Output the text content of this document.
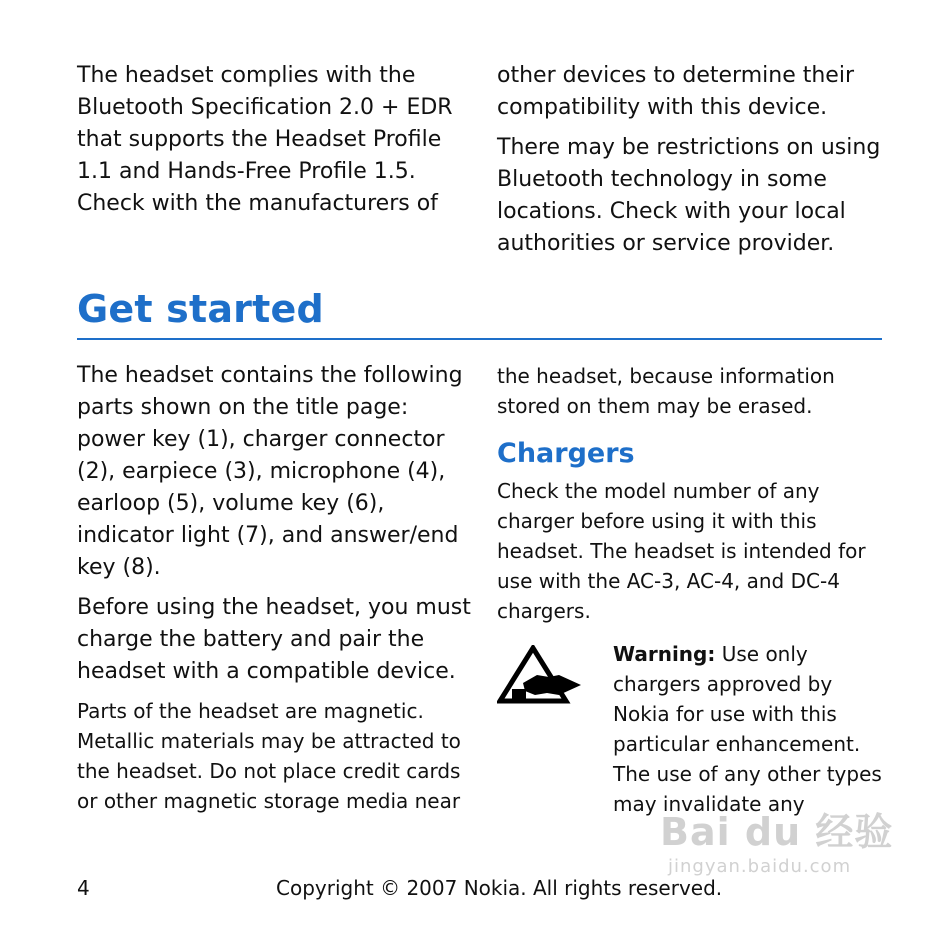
The headset complies with the
Bluetooth Specification 2.0 + EDR
that supports the Headset Profile
1.1 and Hands-Free Profile 1.5.
Check with the manufacturers of

other devices to determine their
compatibility with this device.

There may be restrictions on using
Bluetooth technology in some
locations. Check with your local
authorities or service provider.

Get started

The headset contains the following
parts shown on the title page:
power key (1), charger connector
(2), earpiece (3), microphone (4),
earloop (5), volume key (6),
indicator light (7), and answer/end
key (8).

Before using the headset, you must
charge the battery and pair the
headset with a compatible device.

Parts of the headset are magnetic.
Metallic materials may be attracted to
the headset. Do not place credit cards
or other magnetic storage media near

the headset, because information
stored on them may be erased.

Chargers

Check the model number of any
charger before using it with this
headset. The headset is intended for
use with the AC-3, AC-4, and DC-4
chargers.

Warning: Use only

chargers approved by
Nokia for use with this
particular enhancement.
The use of any other types
may invalidate any

Bai du 经验
jingyan.baidu.com
4	Copyright © 2007 Nokia. All rights reserved.
